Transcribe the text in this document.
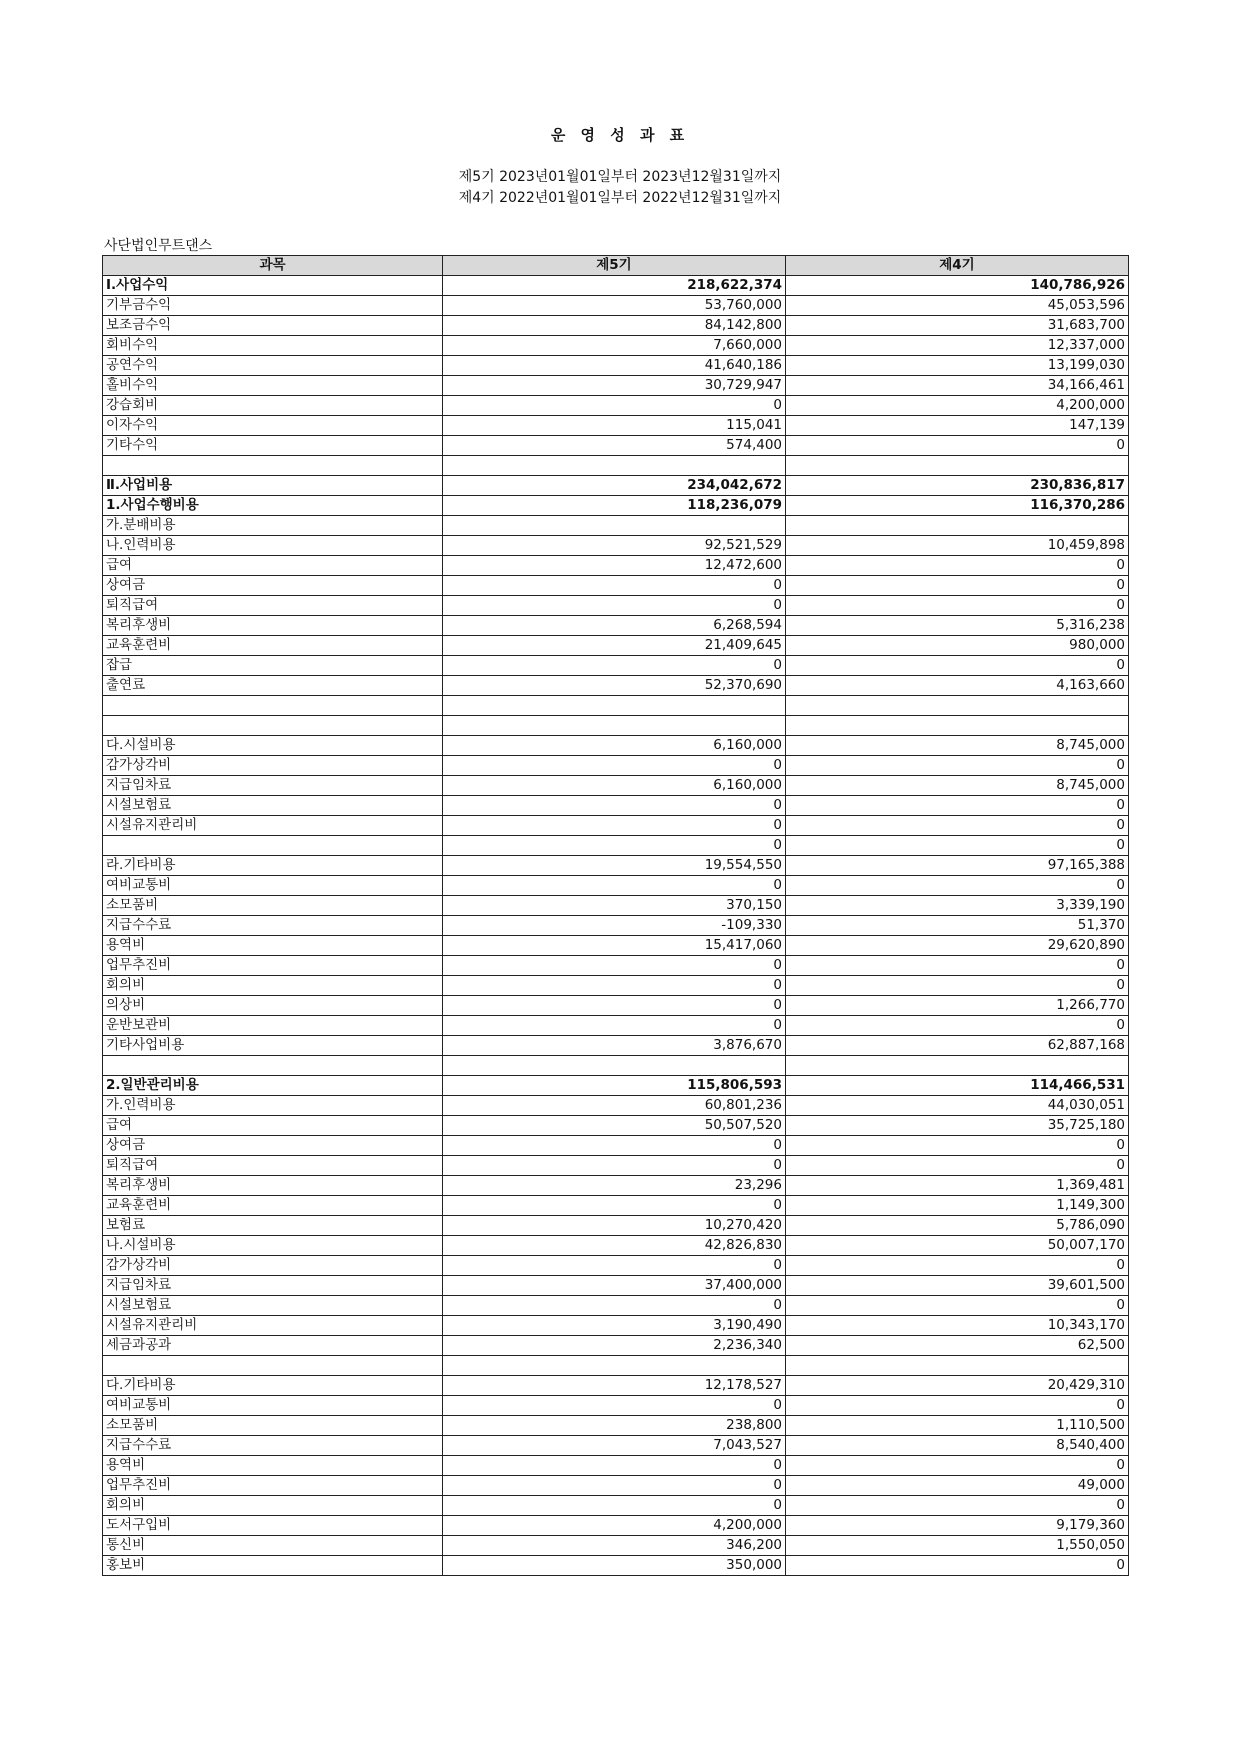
운 영 성 과 표
제5기 2023년01월01일부터 2023년12월31일까지
제4기 2022년01월01일부터 2022년12월31일까지
사단법인무트댄스
과목	제5기	제4기
Ⅰ.사업수익	218,622,374	140,786,926
기부금수익	53,760,000	45,053,596
보조금수익	84,142,800	31,683,700
회비수익	7,660,000	12,337,000
공연수익	41,640,186	13,199,030
홀비수익	30,729,947	34,166,461
강습회비	0	4,200,000
이자수익	115,041	147,139
기타수익	574,400	0

Ⅱ.사업비용	234,042,672	230,836,817
1.사업수행비용	118,236,079	116,370,286
가.분배비용		
나.인력비용	92,521,529	10,459,898
급여	12,472,600	0
상여금	0	0
퇴직급여	0	0
복리후생비	6,268,594	5,316,238
교육훈련비	21,409,645	980,000
잡급	0	0
출연료	52,370,690	4,163,660

다.시설비용	6,160,000	8,745,000
감가상각비	0	0
지급임차료	6,160,000	8,745,000
시설보험료	0	0
시설유지관리비	0	0
	0	0
라.기타비용	19,554,550	97,165,388
여비교통비	0	0
소모품비	370,150	3,339,190
지급수수료	-109,330	51,370
용역비	15,417,060	29,620,890
업무추진비	0	0
회의비	0	0
의상비	0	1,266,770
운반보관비	0	0
기타사업비용	3,876,670	62,887,168

2.일반관리비용	115,806,593	114,466,531
가.인력비용	60,801,236	44,030,051
급여	50,507,520	35,725,180
상여금	0	0
퇴직급여	0	0
복리후생비	23,296	1,369,481
교육훈련비	0	1,149,300
보험료	10,270,420	5,786,090
나.시설비용	42,826,830	50,007,170
감가상각비	0	0
지급임차료	37,400,000	39,601,500
시설보험료	0	0
시설유지관리비	3,190,490	10,343,170
세금과공과	2,236,340	62,500

다.기타비용	12,178,527	20,429,310
여비교통비	0	0
소모품비	238,800	1,110,500
지급수수료	7,043,527	8,540,400
용역비	0	0
업무추진비	0	49,000
회의비	0	0
도서구입비	4,200,000	9,179,360
통신비	346,200	1,550,050
홍보비	350,000	0
